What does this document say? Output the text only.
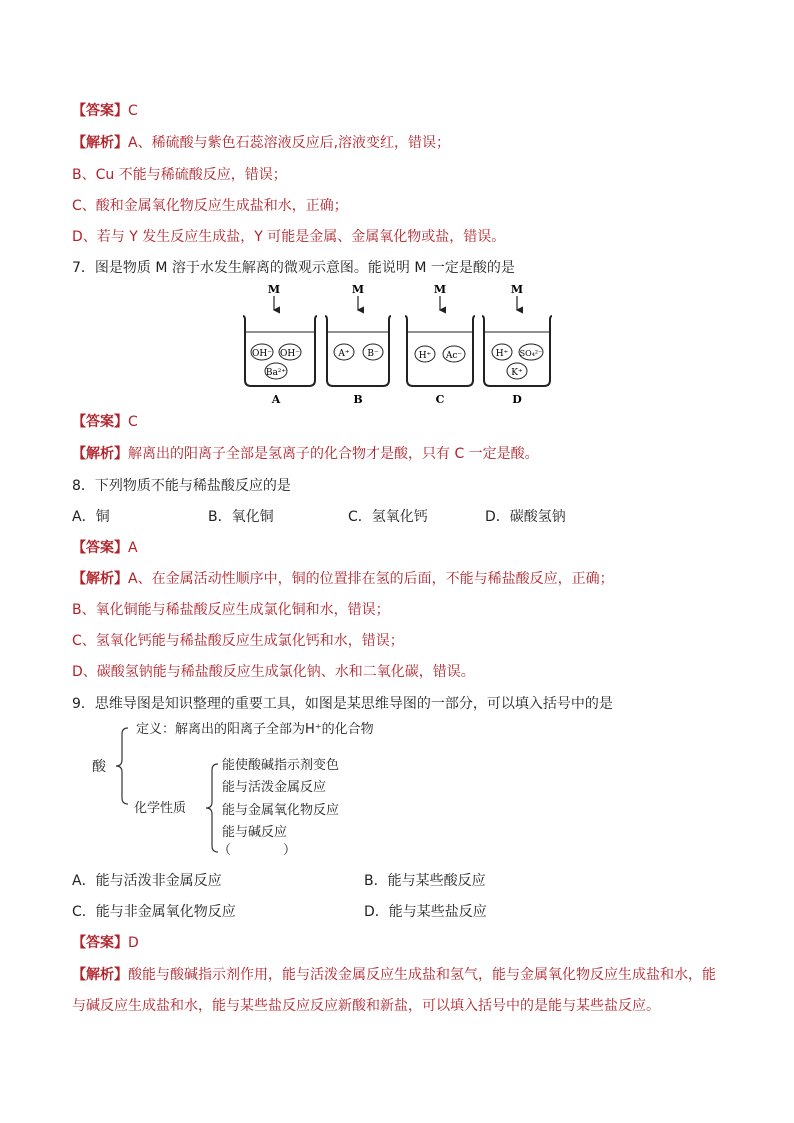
【答案】C
【解析】A、稀硫酸与紫色石蕊溶液反应后,溶液变红，错误；
B、Cu 不能与稀硫酸反应，错误；
C、酸和金属氧化物反应生成盐和水，正确；
D、若与 Y 发生反应生成盐，Y 可能是金属、金属氧化物或盐，错误。
7．图是物质 M 溶于水发生解离的微观示意图。能说明 M 一定是酸的是
M
OH⁻ OH⁻
Ba²⁺
A
M
A⁺ B⁻
B
M
H⁺ Ac⁻
C
M
H⁺ SO₄²⁻
K⁺
D
【答案】C
【解析】解离出的阳离子全部是氢离子的化合物才是酸，只有 C 一定是酸。
8．下列物质不能与稀盐酸反应的是
A．铜	B．氧化铜	C．氢氧化钙	D．碳酸氢钠
【答案】A
【解析】A、在金属活动性顺序中，铜的位置排在氢的后面，不能与稀盐酸反应，正确；
B、氧化铜能与稀盐酸反应生成氯化铜和水，错误；
C、氢氧化钙能与稀盐酸反应生成氯化钙和水，错误；
D、碳酸氢钠能与稀盐酸反应生成氯化钠、水和二氧化碳，错误。
9．思维导图是知识整理的重要工具，如图是某思维导图的一部分，可以填入括号中的是
酸
定义：解离出的阳离子全部为H⁺的化合物
化学性质
能使酸碱指示剂变色
能与活泼金属反应
能与金属氧化物反应
能与碱反应
（　　　　）
A．能与活泼非金属反应	B．能与某些酸反应
C．能与非金属氧化物反应	D．能与某些盐反应
【答案】D
【解析】酸能与酸碱指示剂作用，能与活泼金属反应生成盐和氢气，能与金属氧化物反应生成盐和水，能
与碱反应生成盐和水，能与某些盐反应反应新酸和新盐，可以填入括号中的是能与某些盐反应。
